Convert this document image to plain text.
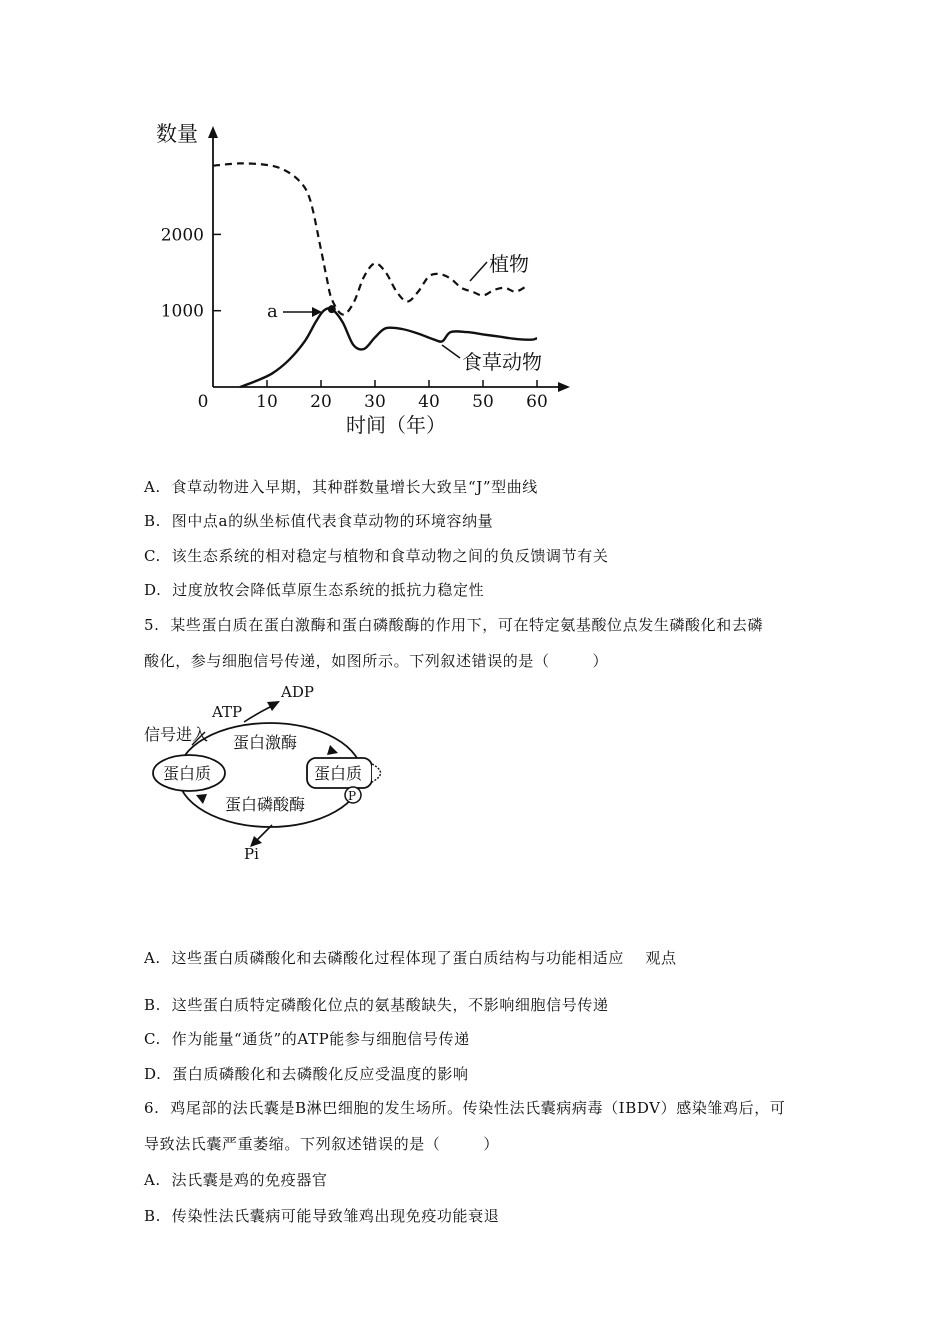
数量
时间（年）
植物
食草动物
a
0	10 20 30 40 50 60
1000
2000
A.  食草动物进入早期，其种群数量增长大致呈“J”型曲线
B.  图中点a的纵坐标值代表食草动物的环境容纳量
C.  该生态系统的相对稳定与植物和食草动物之间的负反馈调节有关
D.  过度放牧会降低草原生态系统的抵抗力稳定性
5.  某些蛋白质在蛋白激酶和蛋白磷酸酶的作用下，可在特定氨基酸位点发生磷酸化和去磷
酸化，参与细胞信号传递，如图所示。下列叙述错误的是（        ）
蛋白质	蛋白质
P
ATP
ADP
信号进入 蛋白激酶
蛋白磷酸酶
Pi
A.  这些蛋白质磷酸化和去磷酸化过程体现了蛋白质结构与功能相适应    观点
B.  这些蛋白质特定磷酸化位点的氨基酸缺失，不影响细胞信号传递
C.  作为能量“通货”的ATP能参与细胞信号传递
D.  蛋白质磷酸化和去磷酸化反应受温度的影响
6.  鸡尾部的法氏囊是B淋巴细胞的发生场所。传染性法氏囊病病毒（IBDV）感染雏鸡后，可
导致法氏囊严重萎缩。下列叙述错误的是（        ）
A.  法氏囊是鸡的免疫器官
B.  传染性法氏囊病可能导致雏鸡出现免疫功能衰退
